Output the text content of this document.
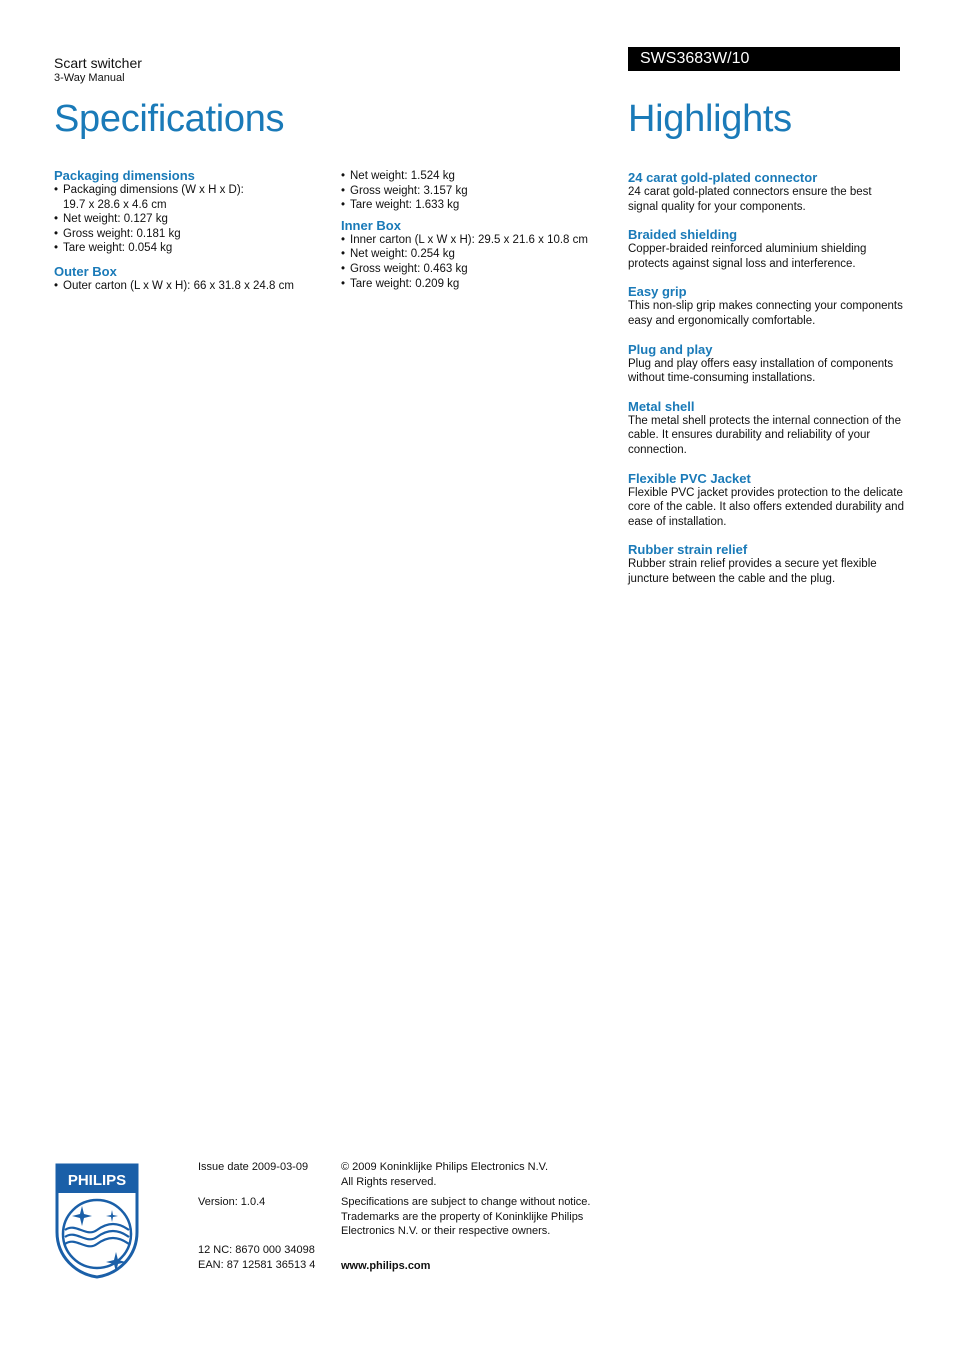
Scart switcher
3-Way Manual
SWS3683W/10
Specifications	Highlights

Packaging dimensions

• Packaging dimensions (W x H x D):
19.7 x 28.6 x 4.6 cm
• Net weight: 0.127 kg
• Gross weight: 0.181 kg
• Tare weight: 0.054 kg

Outer Box

• Outer carton (L x W x H): 66 x 31.8 x 24.8 cm
• Net weight: 1.524 kg
• Gross weight: 3.157 kg
• Tare weight: 1.633 kg

Inner Box

• Inner carton (L x W x H): 29.5 x 21.6 x 10.8 cm
• Net weight: 0.254 kg
• Gross weight: 0.463 kg
• Tare weight: 0.209 kg
24 carat gold-plated connector
24 carat gold-plated connectors ensure the best signal quality for your components.
Braided shielding
Copper-braided reinforced aluminium shielding protects against signal loss and interference.
Easy grip
This non-slip grip makes connecting your components easy and ergonomically comfortable.
Plug and play
Plug and play offers easy installation of components without time-consuming installations.
Metal shell
The metal shell protects the internal connection of the cable. It ensures durability and reliability of your connection.
Flexible PVC Jacket
Flexible PVC jacket provides protection to the delicate core of the cable. It also offers extended durability and ease of installation.
Rubber strain relief
Rubber strain relief provides a secure yet flexible juncture between the cable and the plug.
PHILIPS

Issue date 2009-03-09

Version: 1.0.4

12 NC: 8670 000 34098

EAN: 87 12581 36513 4

© 2009 Koninklijke Philips Electronics N.V.

All Rights reserved.

Specifications are subject to change without notice.

Trademarks are the property of Koninklijke Philips

Electronics N.V. or their respective owners.

www.philips.com
